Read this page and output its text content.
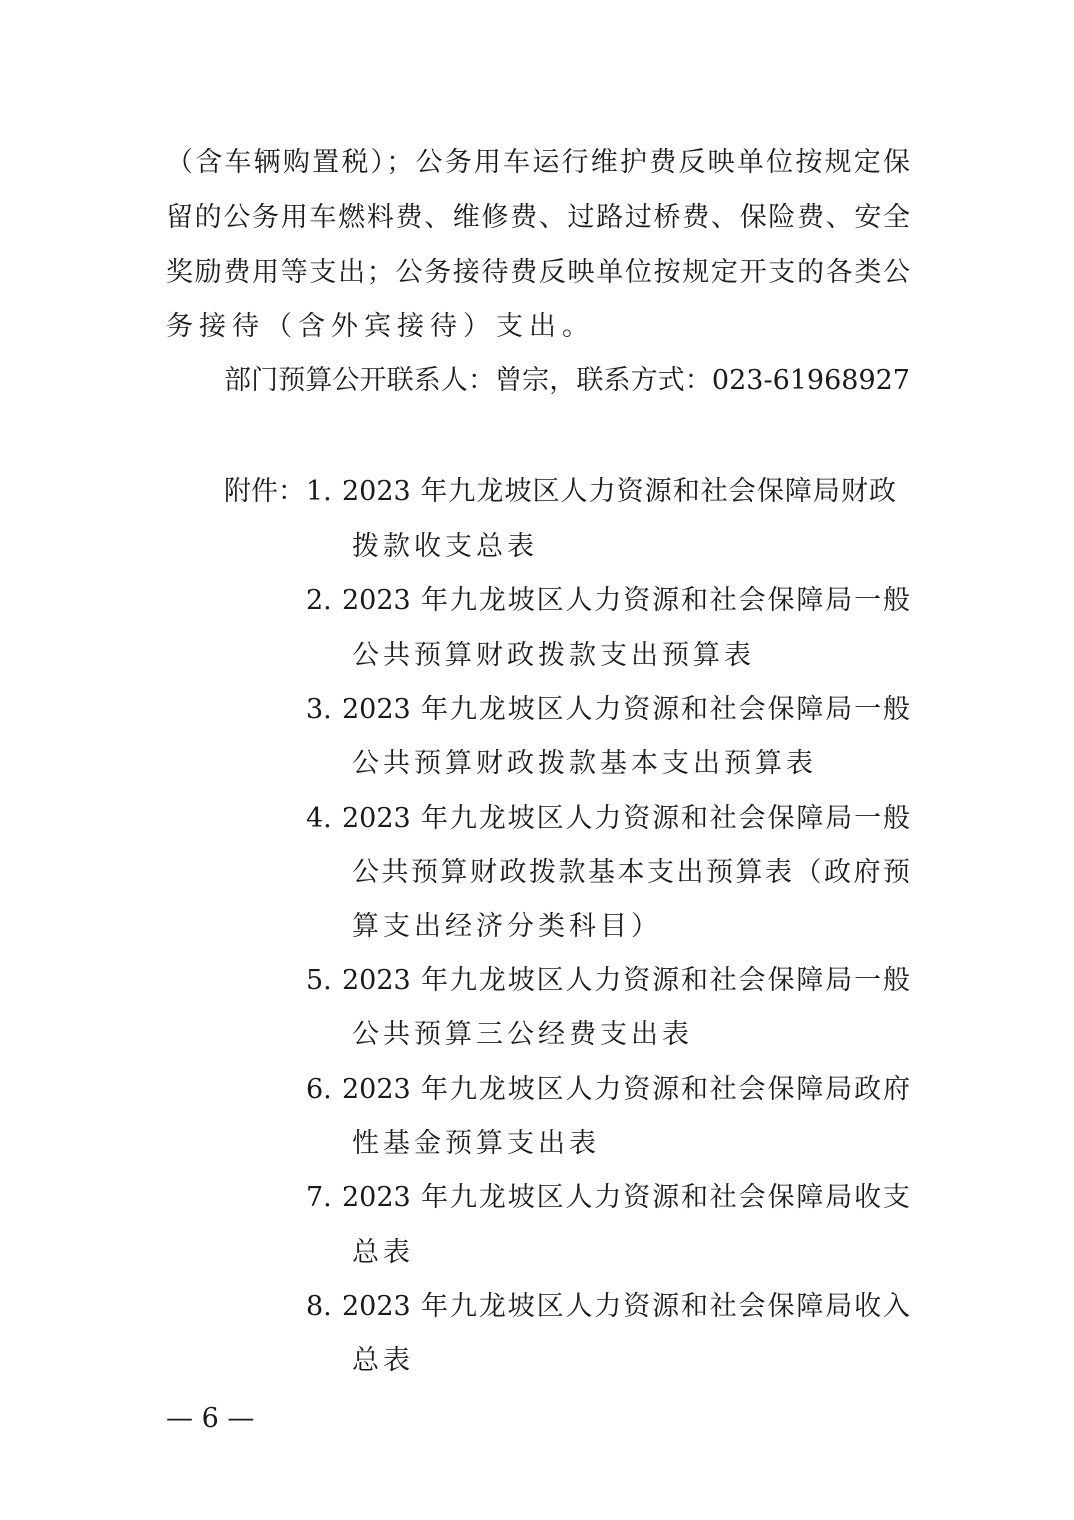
（含车辆购置税）；公务用车运行维护费反映单位按规定保
留的公务用车燃料费、维修费、过路过桥费、保险费、安全
奖励费用等支出；公务接待费反映单位按规定开支的各类公
务接待（含外宾接待）支出。
部门预算公开联系人：曾宗，联系方式：023-61968927
附件： 1. 2023 年九龙坡区人力资源和社会保障局财政
拨款收支总表
2. 2023 年九龙坡区人力资源和社会保障局一般
公共预算财政拨款支出预算表
3. 2023 年九龙坡区人力资源和社会保障局一般
公共预算财政拨款基本支出预算表
4. 2023 年九龙坡区人力资源和社会保障局一般
公共预算财政拨款基本支出预算表（政府预
算支出经济分类科目）
5. 2023 年九龙坡区人力资源和社会保障局一般
公共预算三公经费支出表
6. 2023 年九龙坡区人力资源和社会保障局政府
性基金预算支出表
7. 2023 年九龙坡区人力资源和社会保障局收支
总表
8. 2023 年九龙坡区人力资源和社会保障局收入
总表
— 6 —
